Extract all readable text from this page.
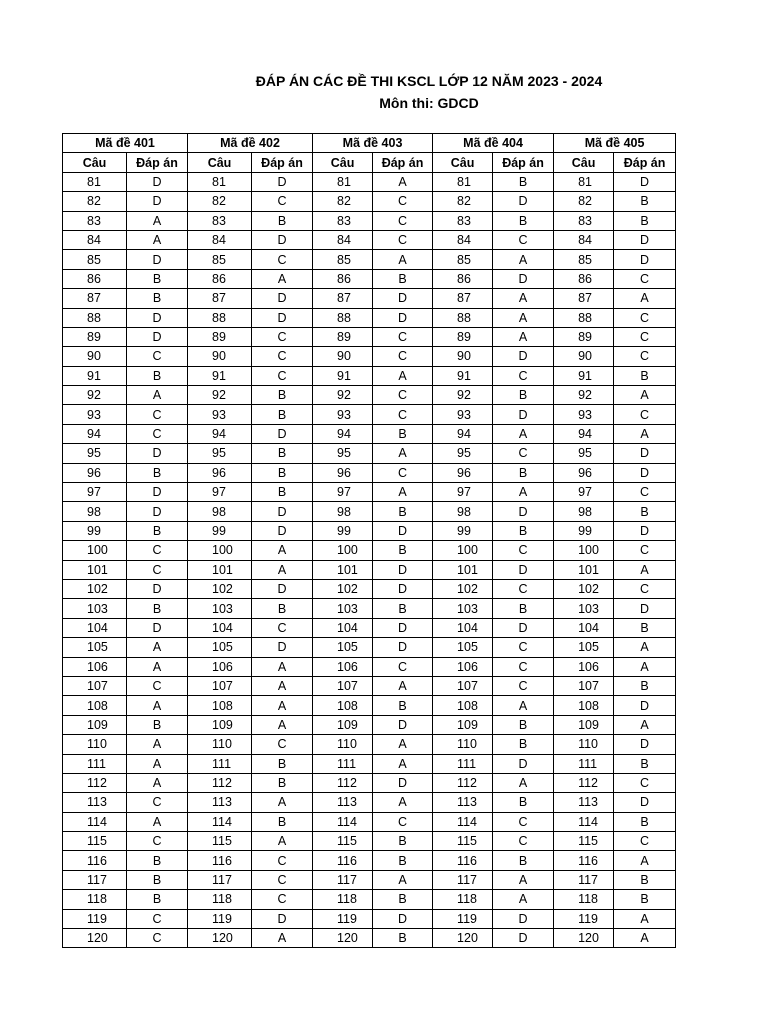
ĐÁP ÁN CÁC ĐỀ THI KSCL LỚP 12 NĂM 2023 - 2024
Môn thi: GDCD
Mã đề 401		Mã đề 402		Mã đề 403		Mã đề 404		Mã đề 405	
Câu	Đáp án	Câu	Đáp án	Câu	Đáp án	Câu	Đáp án	Câu	Đáp án
81	D	81	D	81	A	81	B	81	D
82	D	82	C	82	C	82	D	82	B
83	A	83	B	83	C	83	B	83	B
84	A	84	D	84	C	84	C	84	D
85	D	85	C	85	A	85	A	85	D
86	B	86	A	86	B	86	D	86	C
87	B	87	D	87	D	87	A	87	A
88	D	88	D	88	D	88	A	88	C
89	D	89	C	89	C	89	A	89	C
90	C	90	C	90	C	90	D	90	C
91	B	91	C	91	A	91	C	91	B
92	A	92	B	92	C	92	B	92	A
93	C	93	B	93	C	93	D	93	C
94	C	94	D	94	B	94	A	94	A
95	D	95	B	95	A	95	C	95	D
96	B	96	B	96	C	96	B	96	D
97	D	97	B	97	A	97	A	97	C
98	D	98	D	98	B	98	D	98	B
99	B	99	D	99	D	99	B	99	D
100	C	100	A	100	B	100	C	100	C
101	C	101	A	101	D	101	D	101	A
102	D	102	D	102	D	102	C	102	C
103	B	103	B	103	B	103	B	103	D
104	D	104	C	104	D	104	D	104	B
105	A	105	D	105	D	105	C	105	A
106	A	106	A	106	C	106	C	106	A
107	C	107	A	107	A	107	C	107	B
108	A	108	A	108	B	108	A	108	D
109	B	109	A	109	D	109	B	109	A
110	A	110	C	110	A	110	B	110	D
111	A	111	B	111	A	111	D	111	B
112	A	112	B	112	D	112	A	112	C
113	C	113	A	113	A	113	B	113	D
114	A	114	B	114	C	114	C	114	B
115	C	115	A	115	B	115	C	115	C
116	B	116	C	116	B	116	B	116	A
117	B	117	C	117	A	117	A	117	B
118	B	118	C	118	B	118	A	118	B
119	C	119	D	119	D	119	D	119	A
120	C	120	A	120	B	120	D	120	A
